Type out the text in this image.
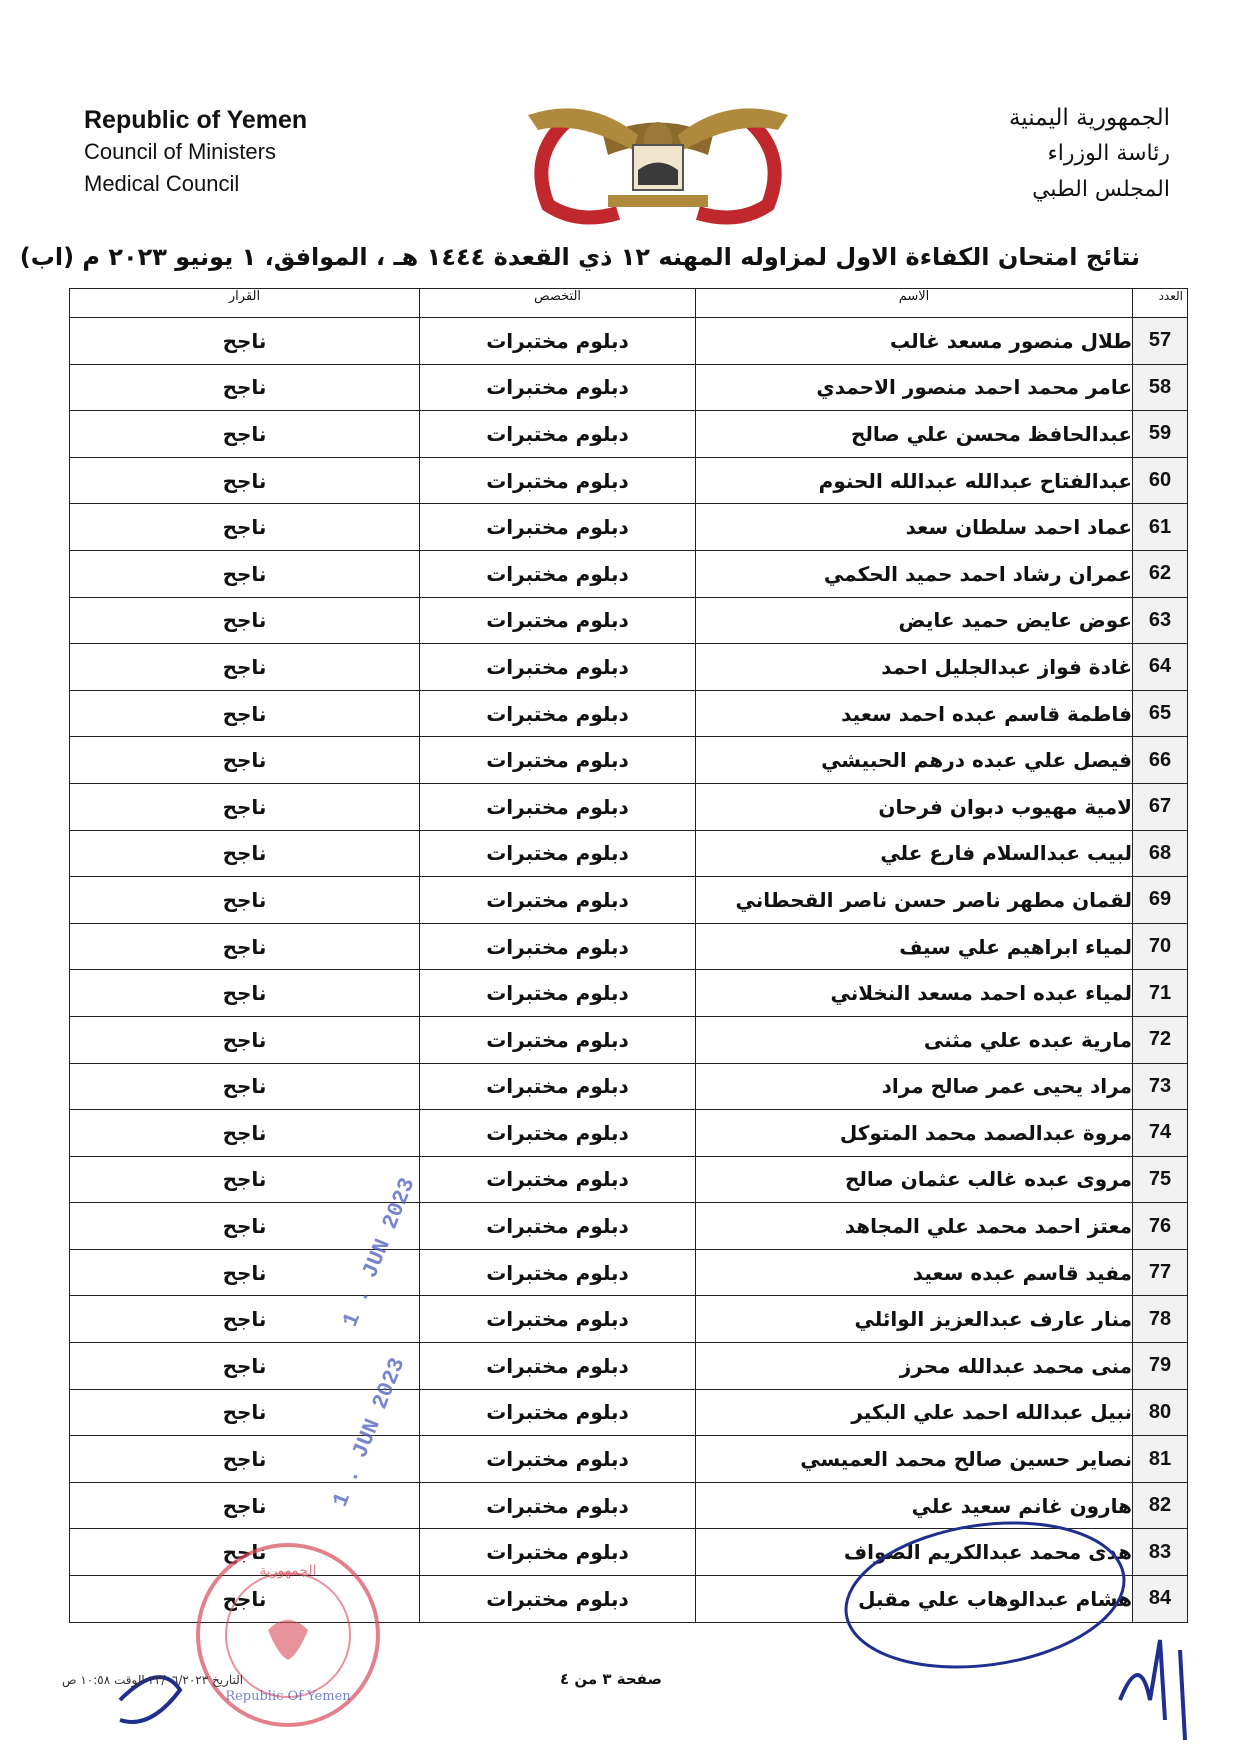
Republic of Yemen
Council of Ministers
Medical Council
الجمهورية اليمنية
رئاسة الوزراء
المجلس الطبي
نتائج امتحان الكفاءة الاول لمزاوله المهنه ١٢ ذي القعدة ١٤٤٤ هـ ، الموافق، ١ يونيو ٢٠٢٣ م (اب)
العدد	الاسم	التخصص	القرار
57	طلال منصور مسعد غالب	دبلوم مختبرات	ناجح
58	عامر محمد احمد منصور الاحمدي	دبلوم مختبرات	ناجح
59	عبدالحافظ محسن علي صالح	دبلوم مختبرات	ناجح
60	عبدالفتاح عبدالله عبدالله الحنوم	دبلوم مختبرات	ناجح
61	عماد احمد سلطان سعد	دبلوم مختبرات	ناجح
62	عمران رشاد احمد حميد الحكمي	دبلوم مختبرات	ناجح
63	عوض عايض حميد عايض	دبلوم مختبرات	ناجح
64	غادة فواز عبدالجليل احمد	دبلوم مختبرات	ناجح
65	فاطمة قاسم عبده احمد سعيد	دبلوم مختبرات	ناجح
66	فيصل علي عبده درهم الحبيشي	دبلوم مختبرات	ناجح
67	لامية مهيوب دبوان فرحان	دبلوم مختبرات	ناجح
68	لبيب عبدالسلام فارع علي	دبلوم مختبرات	ناجح
69	لقمان مطهر ناصر حسن ناصر القحطاني	دبلوم مختبرات	ناجح
70	لمياء ابراهيم علي سيف	دبلوم مختبرات	ناجح
71	لمياء عبده احمد مسعد النخلاني	دبلوم مختبرات	ناجح
72	مارية عبده علي مثنى	دبلوم مختبرات	ناجح
73	مراد يحيى عمر صالح مراد	دبلوم مختبرات	ناجح
74	مروة عبدالصمد محمد المتوكل	دبلوم مختبرات	ناجح
75	مروى عبده غالب عثمان صالح	دبلوم مختبرات	ناجح
76	معتز احمد محمد علي المجاهد	دبلوم مختبرات	ناجح
77	مفيد قاسم عبده سعيد	دبلوم مختبرات	ناجح
78	منار عارف عبدالعزيز الوائلي	دبلوم مختبرات	ناجح
79	منى محمد عبدالله محرز	دبلوم مختبرات	ناجح
80	نبيل عبدالله احمد علي البكير	دبلوم مختبرات	ناجح
81	نصاير حسين صالح محمد العميسي	دبلوم مختبرات	ناجح
82	هارون غانم سعيد علي	دبلوم مختبرات	ناجح
83	هدى محمد عبدالكريم الصواف	دبلوم مختبرات	ناجح
84	هشام عبدالوهاب علي مقبل	دبلوم مختبرات	ناجح
الجمهورية
Republic Of Yemen
1 . JUN 2023
1 . JUN 2023
صفحة ٣ من ٤
التاريخ ٢٣/٠٦/٢٠٢٣ الوقت ١٠:٥٨ ص
